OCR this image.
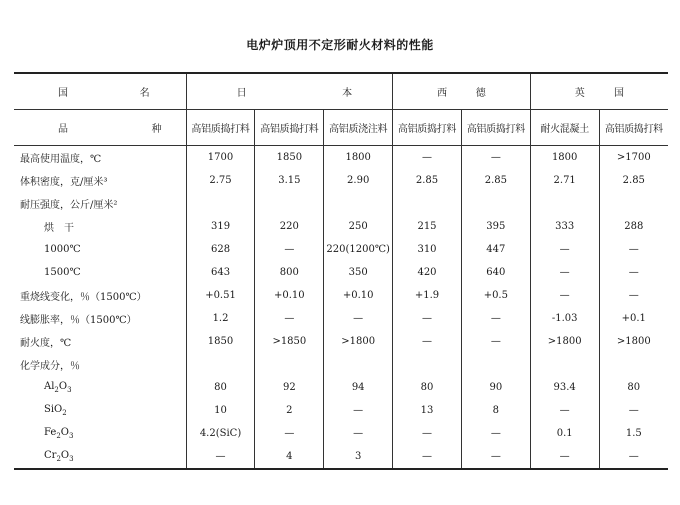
电炉炉顶用不定形耐火材料的性能
国 名	日 本			西 德		英 国	

品 种	高铝质捣打料	高铝质捣打料	高铝质浇注料	高铝质捣打料	高铝质捣打料	耐火混凝土	高铝质捣打料
最高使用温度，℃	1700	1850	1800	—	—	1800	>1700
体积密度，克/厘米³	2.75	3.15	2.90	2.85	2.85	2.71	2.85
耐压强度，公斤/厘米²							
烘　干	319	220	250	215	395	333	288
1000℃	628	—	220(1200℃)	310	447	—	—
1500℃	643	800	350	420	640	—	—
重烧线变化，％（1500℃）	+0.51	+0.10	+0.10	+1.9	+0.5	—	—
线膨胀率，％（1500℃）	1.2	—	—	—	—	-1.03	+0.1
耐火度，℃	1850	>1850	>1800	—	—	>1800	>1800
化学成分，％							
$Al_2O_3$	80	92	94	80	90	93.4	80
SiO$_2$	10	2	—	13	8	—	—
$Fe_2O_3$	4.2(SiC)	—	—	—	—	0.1	1.5
$Cr_2O_3$	—	4	3	—	—	—	—
